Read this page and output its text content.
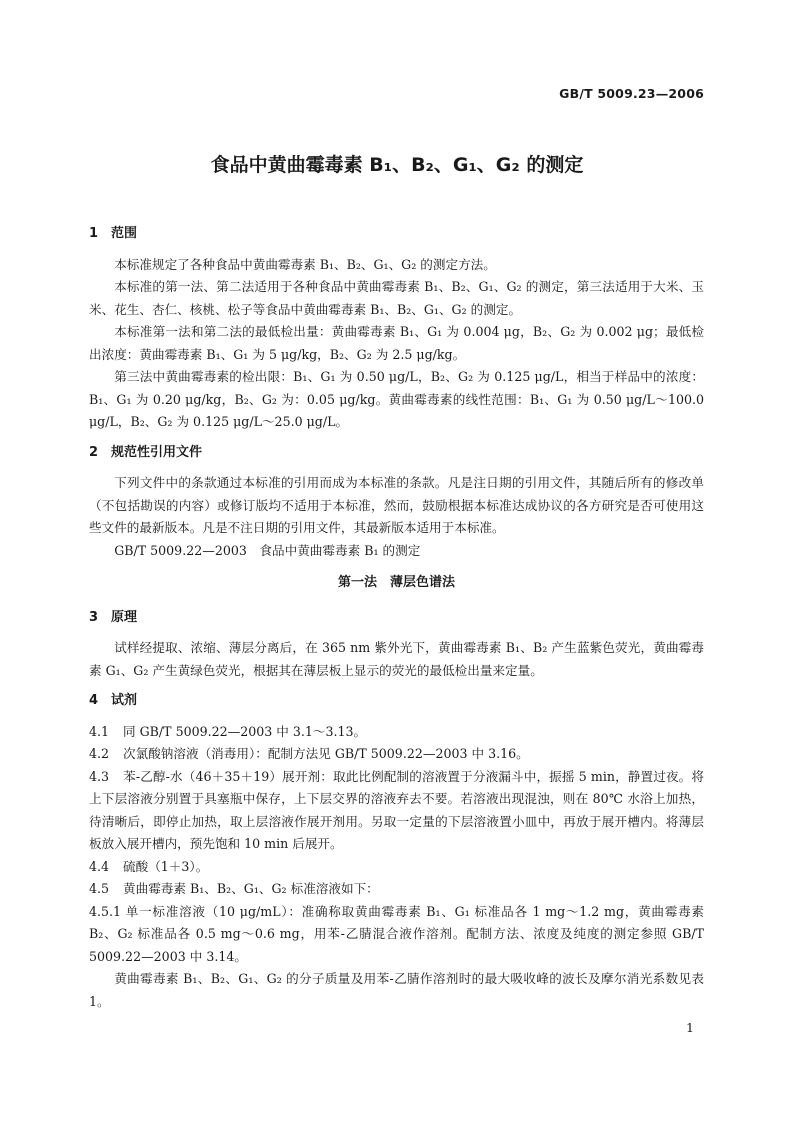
GB/T 5009.23—2006
食品中黄曲霉毒素 B₁、B₂、G₁、G₂ 的测定
1 范围

本标准规定了各种食品中黄曲霉毒素 B₁、B₂、G₁、G₂ 的测定方法。

本标准的第一法、第二法适用于各种食品中黄曲霉毒素 B₁、B₂、G₁、G₂ 的测定，第三法适用于大米、玉米、花生、杏仁、核桃、松子等食品中黄曲霉毒素 B₁、B₂、G₁、G₂ 的测定。

本标准第一法和第二法的最低检出量：黄曲霉毒素 B₁、G₁ 为 0.004 μg，B₂、G₂ 为 0.002 μg；最低检出浓度：黄曲霉毒素 B₁、G₁ 为 5 μg/kg，B₂、G₂ 为 2.5 μg/kg。

第三法中黄曲霉毒素的检出限：B₁、G₁ 为 0.50 μg/L，B₂、G₂ 为 0.125 μg/L，相当于样品中的浓度：B₁、G₁ 为 0.20 μg/kg，B₂、G₂ 为：0.05 μg/kg。黄曲霉毒素的线性范围：B₁、G₁ 为 0.50 μg/L～100.0 μg/L，B₂、G₂ 为 0.125 μg/L～25.0 μg/L。

2 规范性引用文件

下列文件中的条款通过本标准的引用而成为本标准的条款。凡是注日期的引用文件，其随后所有的修改单（不包括勘误的内容）或修订版均不适用于本标准，然而，鼓励根据本标准达成协议的各方研究是否可使用这些文件的最新版本。凡是不注日期的引用文件，其最新版本适用于本标准。

GB/T 5009.22—2003　食品中黄曲霉毒素 B₁ 的测定

第一法　薄层色谱法
3 原理

试样经提取、浓缩、薄层分离后，在 365 nm 紫外光下，黄曲霉毒素 B₁、B₂ 产生蓝紫色荧光，黄曲霉毒素 G₁、G₂ 产生黄绿色荧光，根据其在薄层板上显示的荧光的最低检出量来定量。

4 试剂

4.1 同 GB/T 5009.22—2003 中 3.1～3.13。

4.2 次氯酸钠溶液（消毒用）：配制方法见 GB/T 5009.22—2003 中 3.16。

4.3 苯-乙醇-水（46＋35＋19）展开剂：取此比例配制的溶液置于分液漏斗中，振摇 5 min，静置过夜。将上下层溶液分别置于具塞瓶中保存，上下层交界的溶液弃去不要。若溶液出现混浊，则在 80℃ 水浴上加热，待清晰后，即停止加热，取上层溶液作展开剂用。另取一定量的下层溶液置小皿中，再放于展开槽内。将薄层板放入展开槽内，预先饱和 10 min 后展开。

4.4 硫酸（1＋3）。

4.5 黄曲霉毒素 B₁、B₂、G₁、G₂ 标准溶液如下：

4.5.1 单一标准溶液（10 μg/mL）：准确称取黄曲霉毒素 B₁、G₁ 标准品各 1 mg～1.2 mg，黄曲霉毒素 B₂、G₂ 标准品各 0.5 mg～0.6 mg，用苯-乙腈混合液作溶剂。配制方法、浓度及纯度的测定参照 GB/T 5009.22—2003 中 3.14。

黄曲霉毒素 B₁、B₂、G₁、G₂ 的分子质量及用苯-乙腈作溶剂时的最大吸收峰的波长及摩尔消光系数见表 1。

1
